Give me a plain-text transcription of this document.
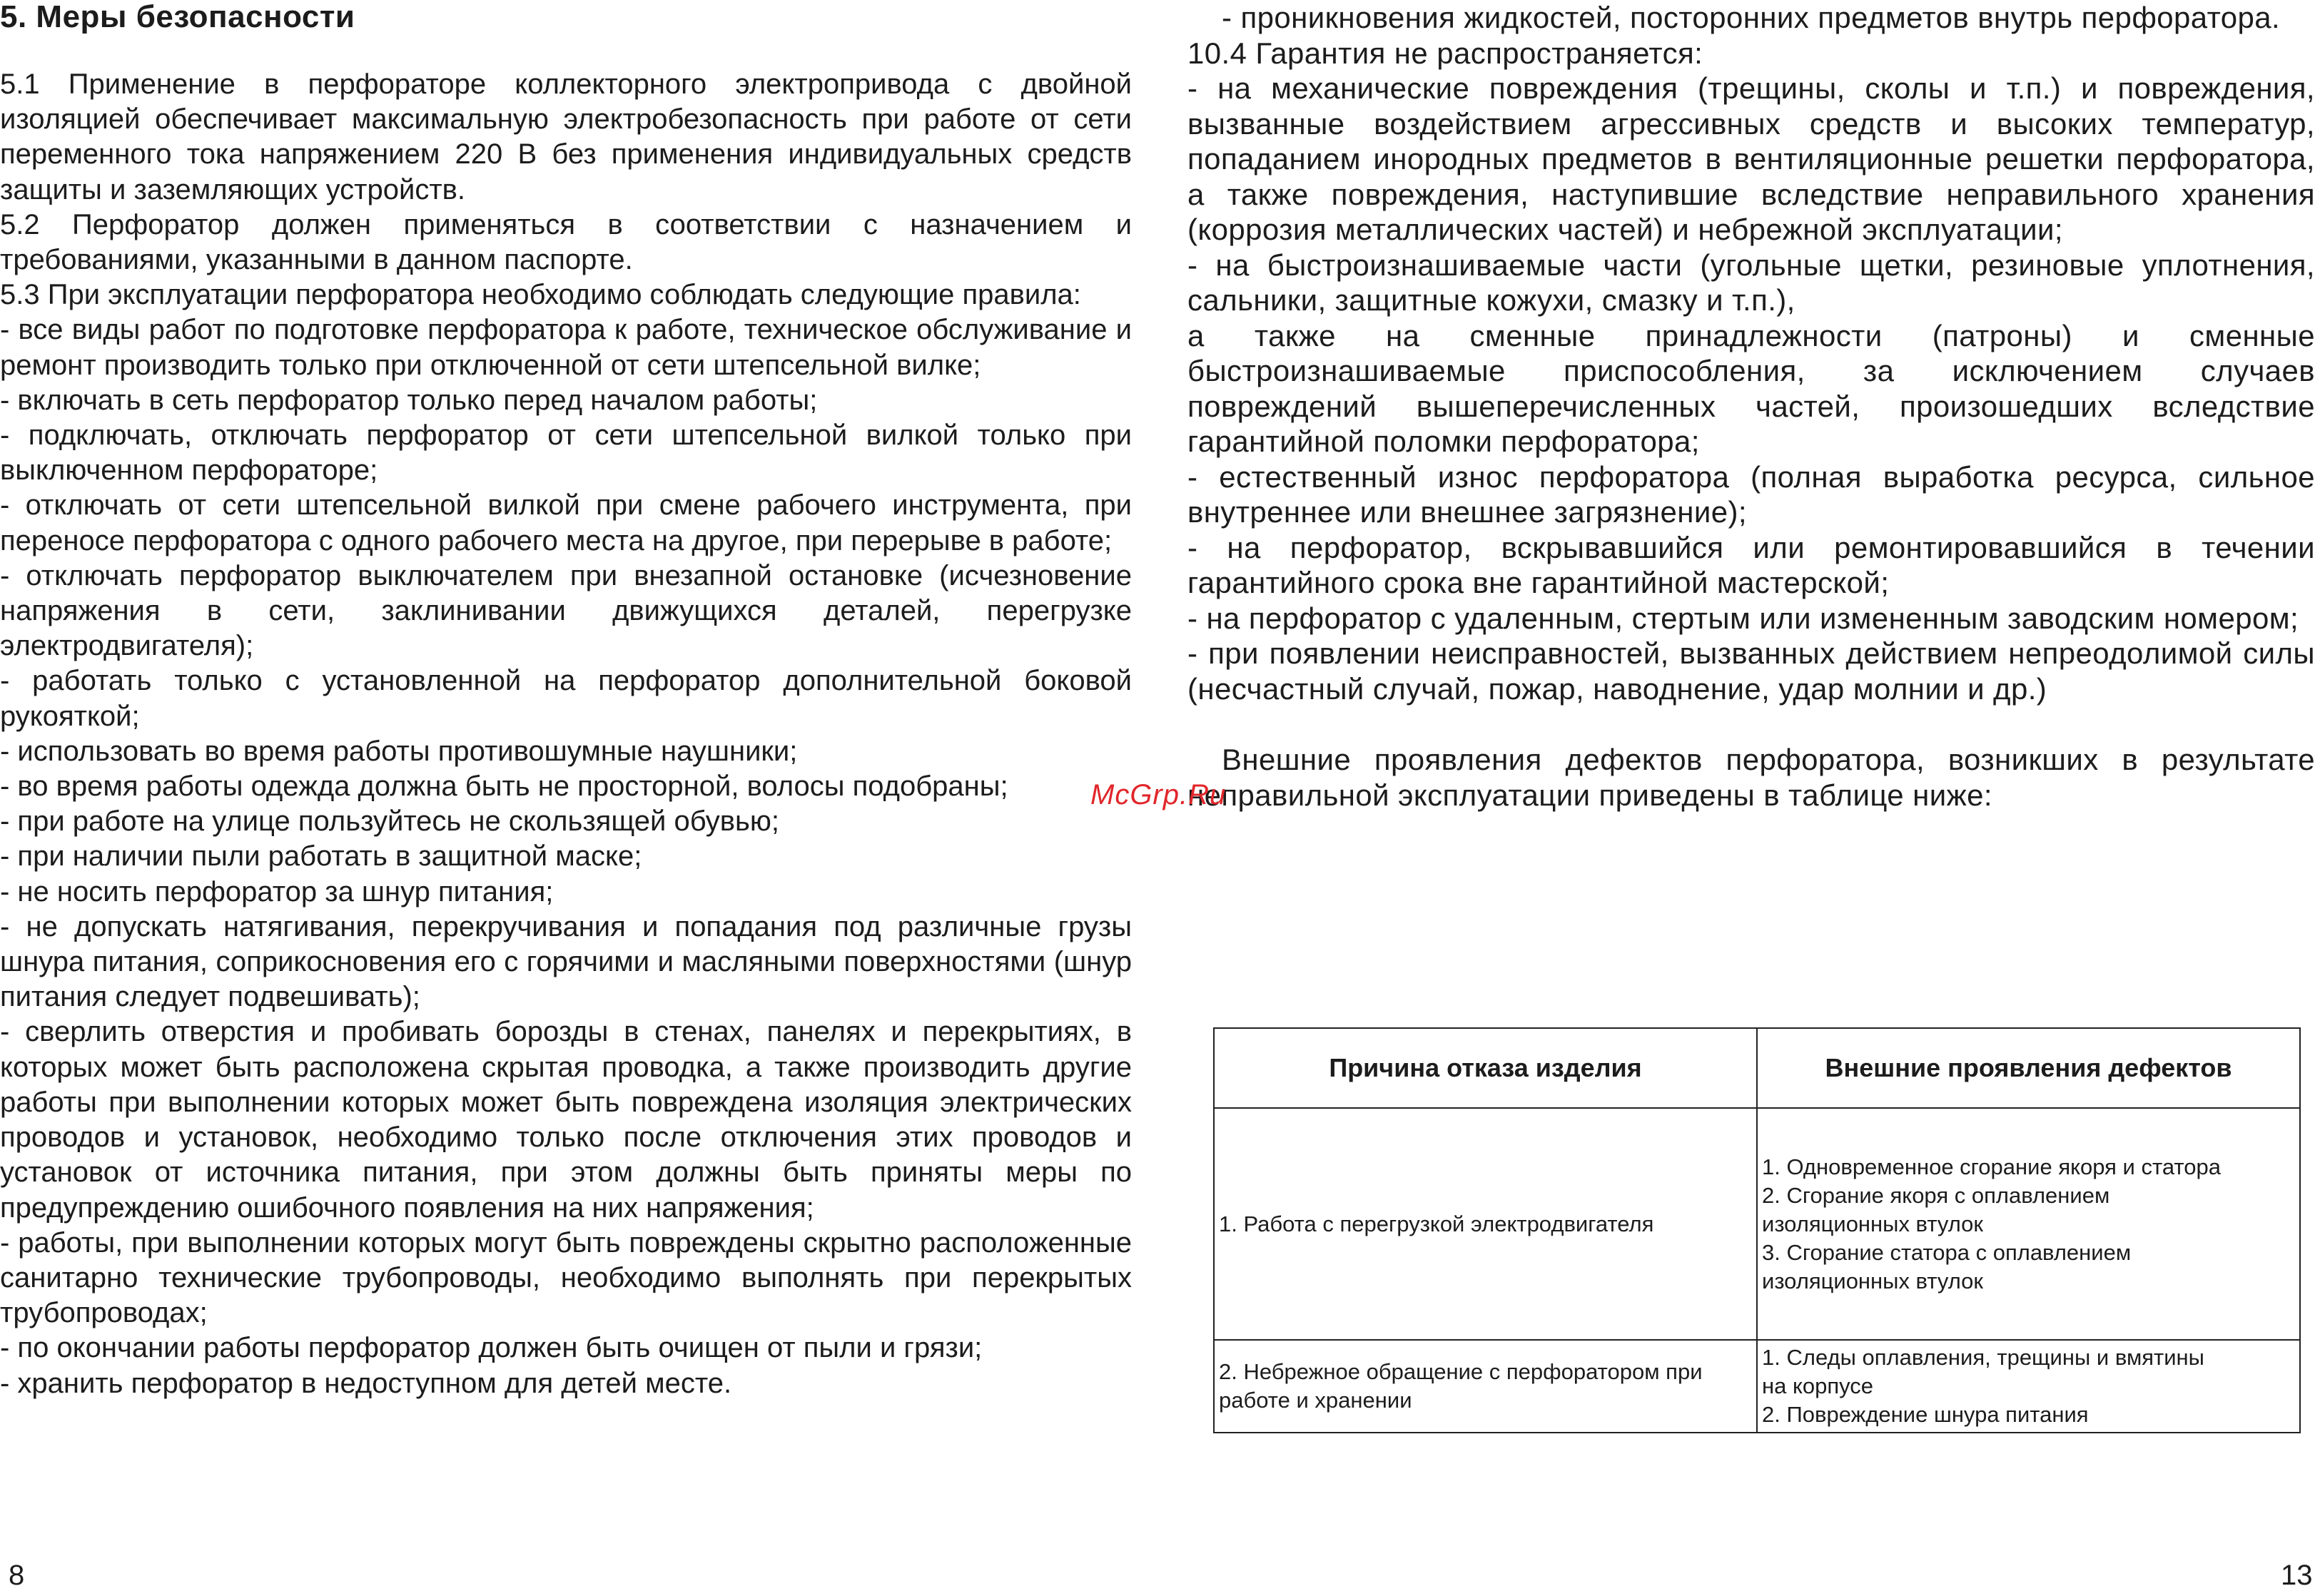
5. Меры безопасности

5.1 Применение в перфораторе коллекторного электропривода с двойной изоляцией обеспечивает максимальную электробезопасность при работе от сети переменного тока напряжением 220 В без применения индивидуальных средств защиты и заземляющих устройств.

5.2 Перфоратор должен применяться в соответствии с назначением и требованиями, указанными в данном паспорте.

5.3 При эксплуатации перфоратора необходимо соблюдать следующие правила:

- все виды работ по подготовке перфоратора к работе, техническое обслуживание и ремонт производить только при отключенной от сети штепсельной вилке;

- включать в сеть перфоратор только перед началом работы;

- подключать, отключать перфоратор от сети штепсельной вилкой только при выключенном перфораторе;

- отключать от сети штепсельной вилкой при смене рабочего инструмента, при переносе перфоратора с одного рабочего места на другое, при перерыве в работе;

- отключать перфоратор выключателем при внезапной остановке (исчезновение напряжения в сети, заклинивании движущихся деталей, перегрузке электродвигателя);

- работать только с установленной на перфоратор дополнительной боковой рукояткой;

- использовать во время работы противошумные наушники;

- во время работы одежда должна быть не просторной, волосы подобраны;

- при работе на улице пользуйтесь не скользящей обувью;

- при наличии пыли работать в защитной маске;

- не носить перфоратор за шнур питания;

- не допускать натягивания, перекручивания и попадания под различные грузы шнура питания, соприкосновения его с горячими и масляными поверхностями (шнур питания следует подвешивать);

- сверлить отверстия и пробивать борозды в стенах, панелях и перекрытиях, в которых может быть расположена скрытая проводка, а также производить другие работы при выполнении которых может быть повреждена изоляция электрических проводов и установок, необходимо только после отключения этих проводов и установок от источника питания, при этом должны быть приняты меры по предупреждению ошибочного появления на них напряжения;

- работы, при выполнении которых могут быть повреждены скрытно расположенные санитарно технические трубопроводы, необходимо выполнять при перекрытых трубопроводах;

- по окончании работы перфоратор должен быть очищен от пыли и грязи;

- хранить перфоратор в недоступном для детей месте.

- проникновения жидкостей, посторонних предметов внутрь перфоратора.

10.4 Гарантия не распространяется:

- на механические повреждения (трещины, сколы и т.п.) и повреждения, вызванные воздействием агрессивных средств и высоких температур, попаданием инородных предметов в вентиляционные решетки перфоратора, а также повреждения, наступившие вследствие неправильного хранения (коррозия металлических частей) и небрежной эксплуатации;

- на быстроизнашиваемые части (угольные щетки, резиновые уплотнения, сальники, защитные кожухи, смазку и т.п.),

а также на сменные принадлежности (патроны) и сменные быстроизнашиваемые приспособления, за исключением случаев повреждений вышеперечисленных частей, произошедших вследствие гарантийной поломки перфоратора;

- естественный износ перфоратора (полная выработка ресурса, сильное внутреннее или внешнее загрязнение);

- на перфоратор, вскрывавшийся или ремонтировавшийся в течении гарантийного срока вне гарантийной мастерской;

- на перфоратор с удаленным, стертым или измененным заводским номером;

- при появлении неисправностей, вызванных действием непреодолимой силы (несчастный случай, пожар, наводнение, удар молнии и др.)

Внешние проявления дефектов перфоратора, возникших в результате неправильной эксплуатации приведены в таблице ниже:

Причина отказа изделия	Внешние проявления дефектов
1. Работа с перегрузкой электродвигателя	1. Одновременное сгорание якоря и статора
2. Сгорание якоря с оплавлением
изоляционных втулок
3. Сгорание статора с оплавлением
изоляционных втулок

2. Небрежное обращение с перфоратором при работе и хранении	1. Следы оплавления, трещины и вмятины
на корпусе
2. Повреждение шнура питания
McGrp.Ru
8	13
